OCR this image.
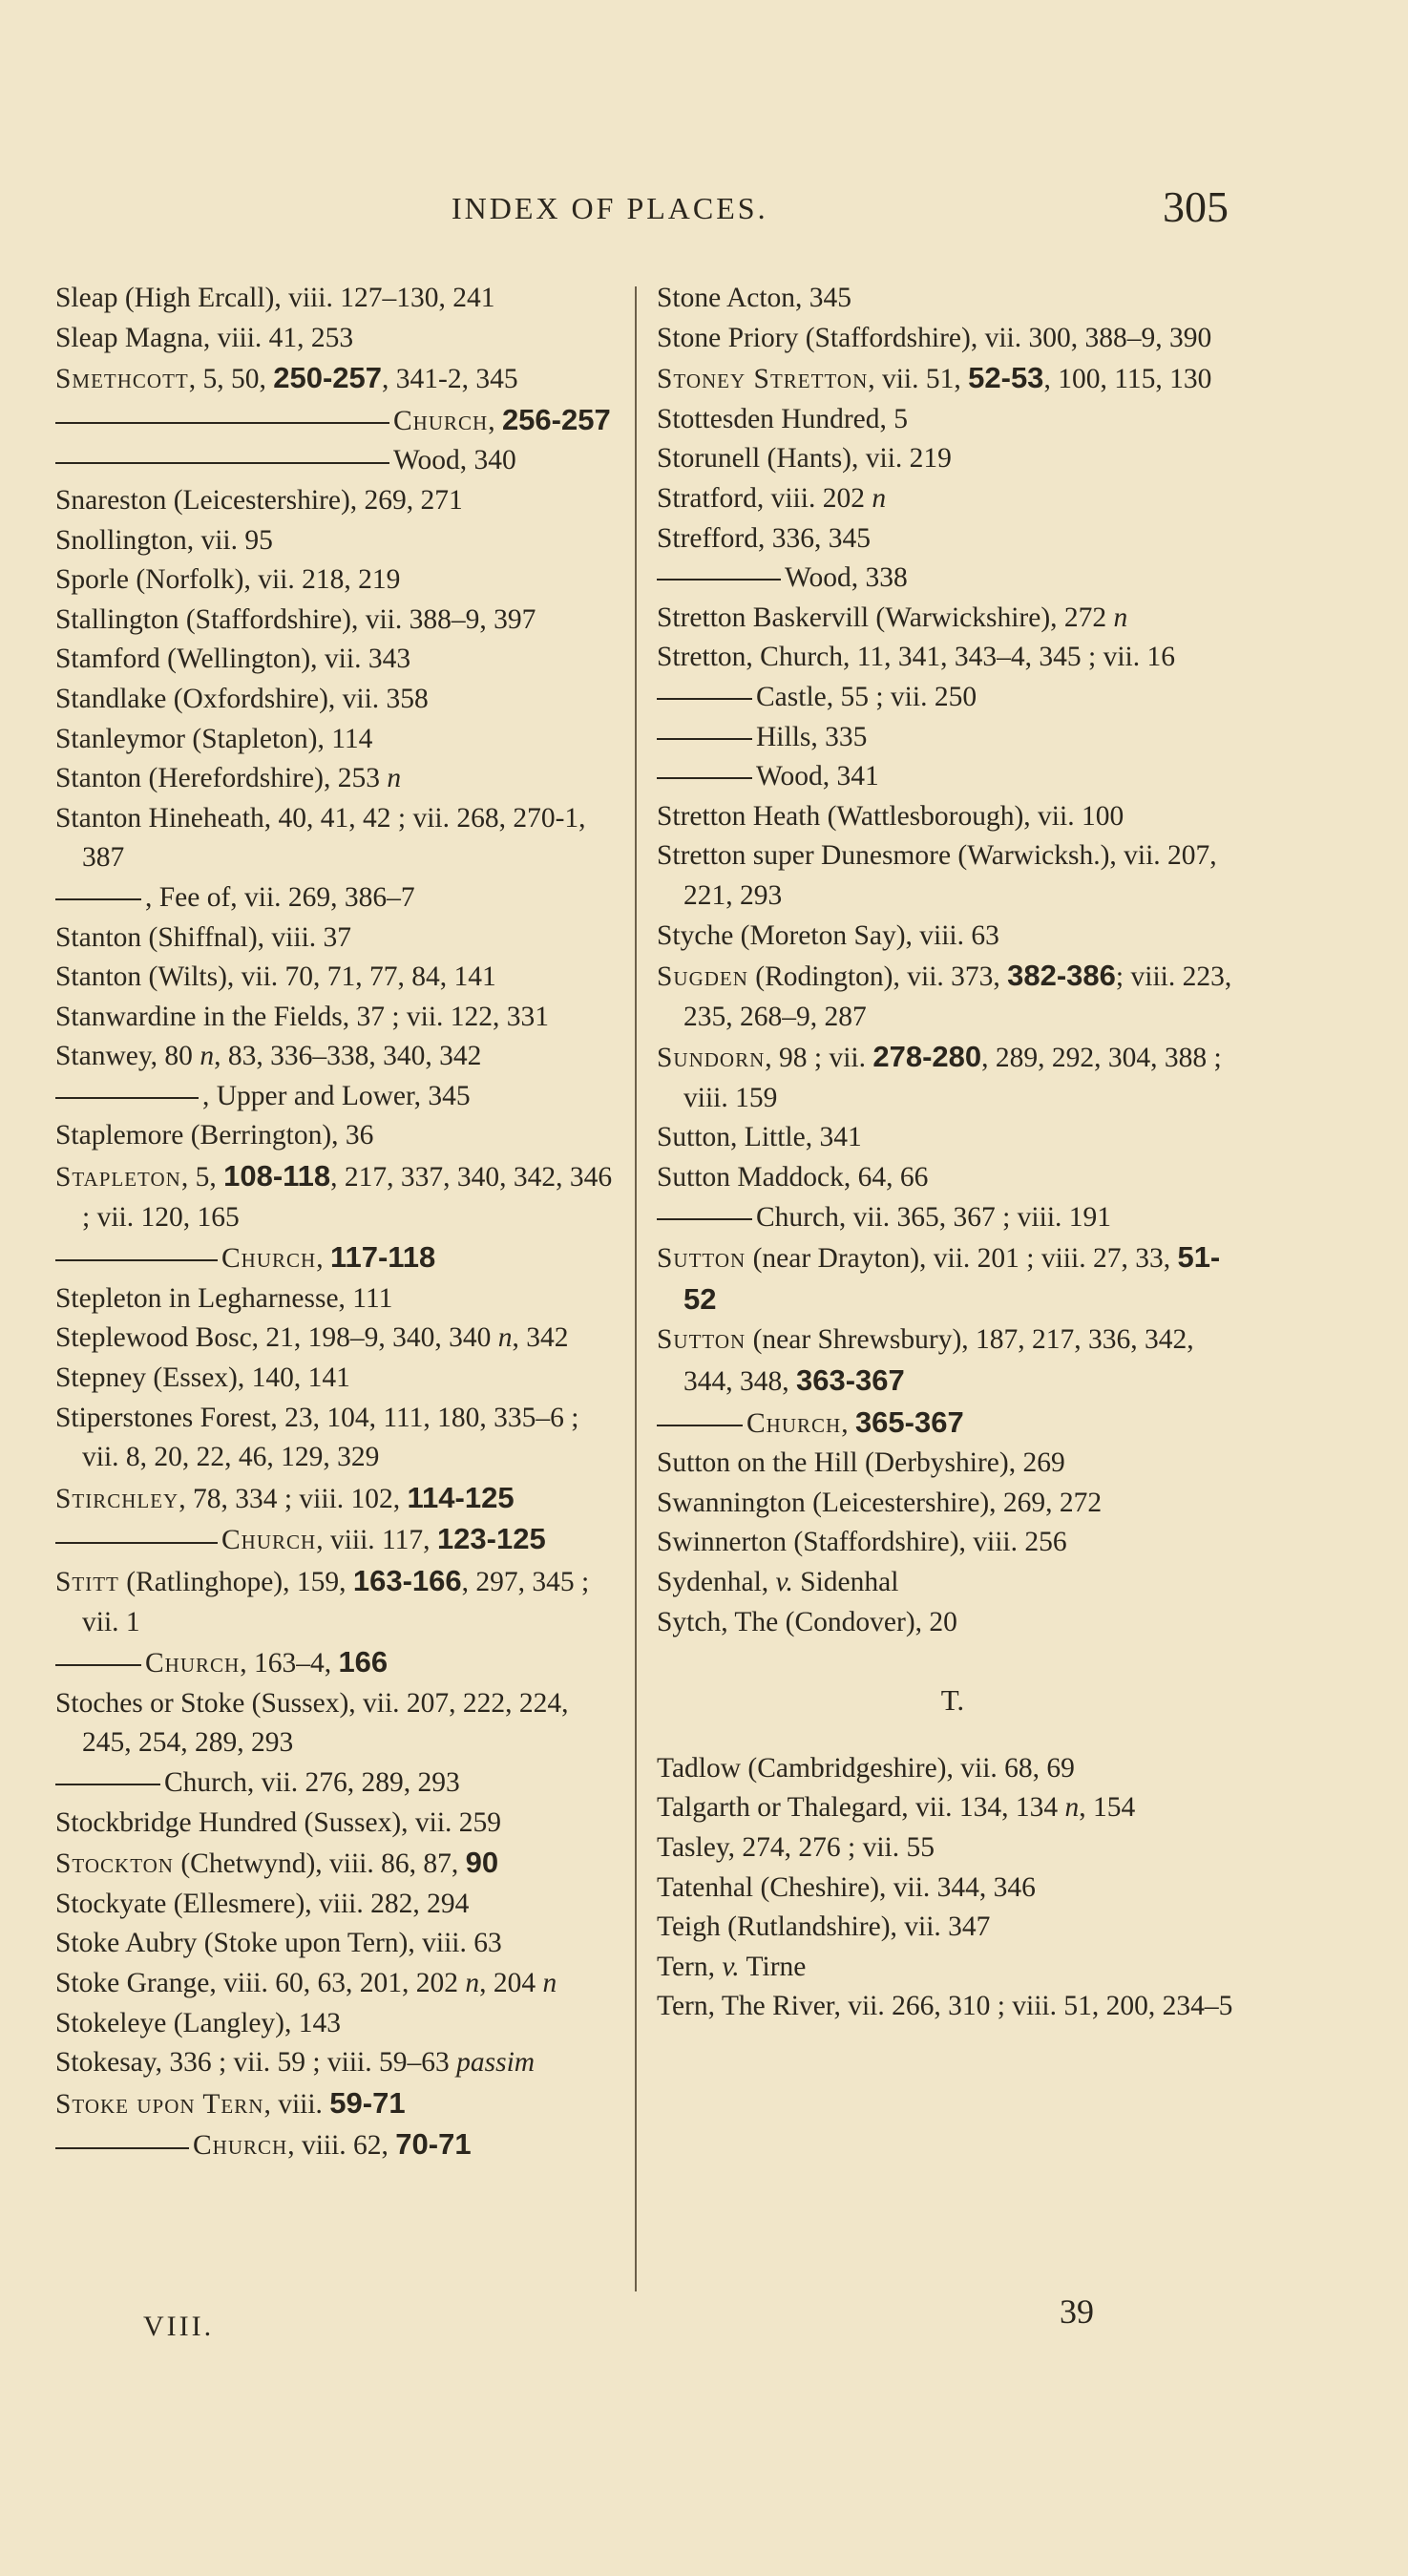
INDEX OF PLACES.	305

Sleap (High Ercall), viii. 127–130, 241

Sleap Magna, viii. 41, 253

Smethcott, 5, 50, 250-257, 341-2, 345

Church, 256-257

Wood, 340

Snareston (Leicestershire), 269, 271

Snollington, vii. 95

Sporle (Norfolk), vii. 218, 219

Stallington (Staffordshire), vii. 388–9, 397

Stamford (Wellington), vii. 343

Standlake (Oxfordshire), vii. 358

Stanleymor (Stapleton), 114

Stanton (Herefordshire), 253 n

Stanton Hineheath, 40, 41, 42 ; vii. 268, 270-1, 387

, Fee of, vii. 269, 386–7

Stanton (Shiffnal), viii. 37

Stanton (Wilts), vii. 70, 71, 77, 84, 141

Stanwardine in the Fields, 37 ; vii. 122, 331

Stanwey, 80 n, 83, 336–338, 340, 342

, Upper and Lower, 345

Staplemore (Berrington), 36

Stapleton, 5, 108-118, 217, 337, 340, 342, 346 ; vii. 120, 165

Church, 117-118

Stepleton in Legharnesse, 111

Steplewood Bosc, 21, 198–9, 340, 340 n, 342

Stepney (Essex), 140, 141

Stiperstones Forest, 23, 104, 111, 180, 335–6 ; vii. 8, 20, 22, 46, 129, 329

Stirchley, 78, 334 ; viii. 102, 114-125

Church, viii. 117, 123-125

Stitt (Ratlinghope), 159, 163-166, 297, 345 ; vii. 1

Church, 163–4, 166

Stoches or Stoke (Sussex), vii. 207, 222, 224, 245, 254, 289, 293

Church, vii. 276, 289, 293

Stockbridge Hundred (Sussex), vii. 259

Stockton (Chetwynd), viii. 86, 87, 90

Stockyate (Ellesmere), viii. 282, 294

Stoke Aubry (Stoke upon Tern), viii. 63

Stoke Grange, viii. 60, 63, 201, 202 n, 204 n

Stokeleye (Langley), 143

Stokesay, 336 ; vii. 59 ; viii. 59–63 passim

Stoke upon Tern, viii. 59-71

Church, viii. 62, 70-71

Stone Acton, 345

Stone Priory (Staffordshire), vii. 300, 388–9, 390

Stoney Stretton, vii. 51, 52-53, 100, 115, 130

Stottesden Hundred, 5

Storunell (Hants), vii. 219

Stratford, viii. 202 n

Strefford, 336, 345

Wood, 338

Stretton Baskervill (Warwickshire), 272 n

Stretton, Church, 11, 341, 343–4, 345 ; vii. 16

Castle, 55 ; vii. 250

Hills, 335

Wood, 341

Stretton Heath (Wattlesborough), vii. 100

Stretton super Dunesmore (Warwicksh.), vii. 207, 221, 293

Styche (Moreton Say), viii. 63

Sugden (Rodington), vii. 373, 382-386; viii. 223, 235, 268–9, 287

Sundorn, 98 ; vii. 278-280, 289, 292, 304, 388 ; viii. 159

Sutton, Little, 341

Sutton Maddock, 64, 66

Church, vii. 365, 367 ; viii. 191

Sutton (near Drayton), vii. 201 ; viii. 27, 33, 51-52

Sutton (near Shrewsbury), 187, 217, 336, 342, 344, 348, 363-367

Church, 365-367

Sutton on the Hill (Derbyshire), 269

Swannington (Leicestershire), 269, 272

Swinnerton (Staffordshire), viii. 256

Sydenhal, v. Sidenhal

Sytch, The (Condover), 20

T.

Tadlow (Cambridgeshire), vii. 68, 69

Talgarth or Thalegard, vii. 134, 134 n, 154

Tasley, 274, 276 ; vii. 55

Tatenhal (Cheshire), vii. 344, 346

Teigh (Rutlandshire), vii. 347

Tern, v. Tirne

Tern, The River, vii. 266, 310 ; viii. 51, 200, 234–5

VIII.	39
